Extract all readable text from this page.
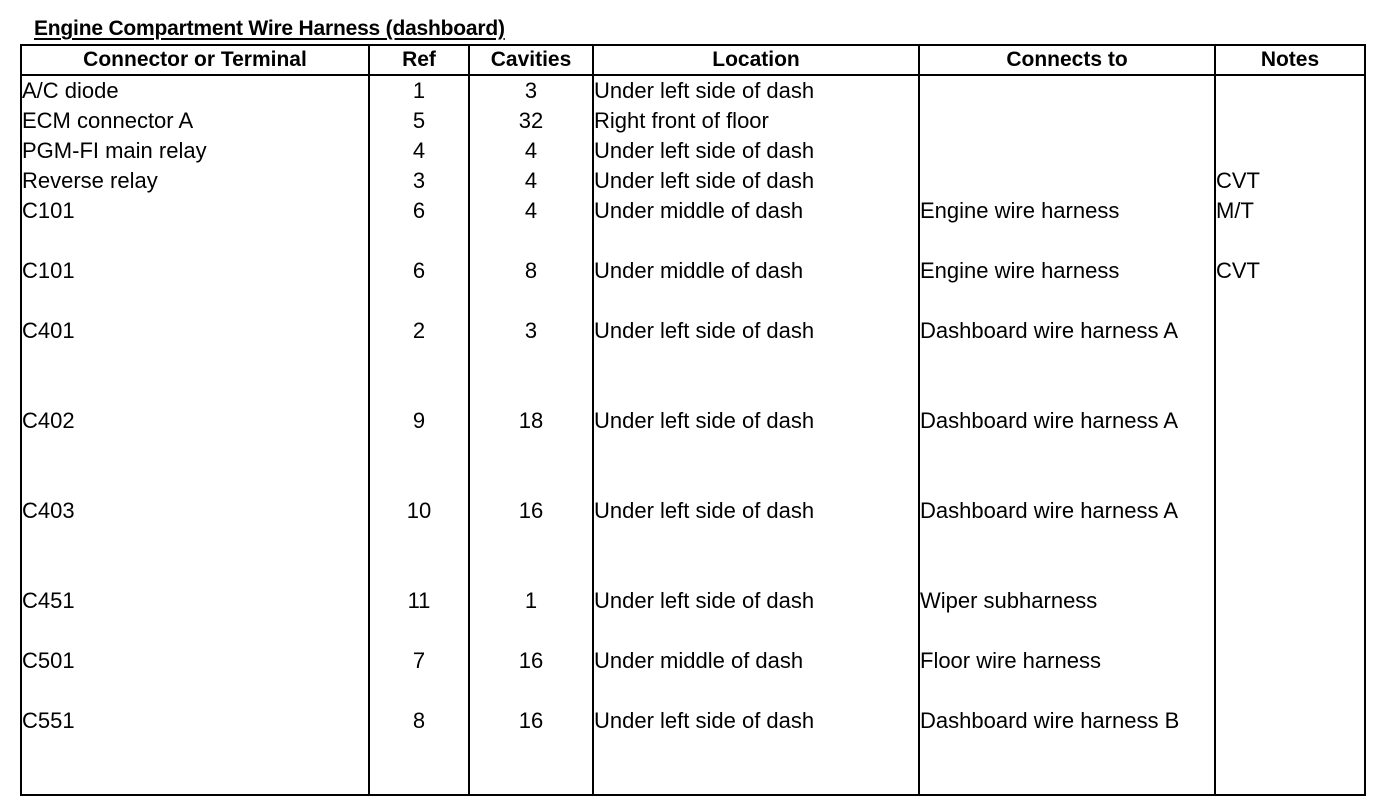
Engine Compartment Wire Harness (dashboard)
Connector or Terminal	Ref	Cavities	Location	Connects to	Notes
A/C diode	1	3	Under left side of dash		
ECM connector A	5	32	Right front of floor		
PGM-FI main relay	4	4	Under left side of dash		
Reverse relay	3	4	Under left side of dash		CVT
C101	6	4	Under middle of dash	Engine wire harness	M/T
C101	6	8	Under middle of dash	Engine wire harness	CVT
C401	2	3	Under left side of dash	Dashboard wire harness A	
C402	9	18	Under left side of dash	Dashboard wire harness A	
C403	10	16	Under left side of dash	Dashboard wire harness A	
C451	11	1	Under left side of dash	Wiper subharness	
C501	7	16	Under middle of dash	Floor wire harness	
C551	8	16	Under left side of dash	Dashboard wire harness B	
